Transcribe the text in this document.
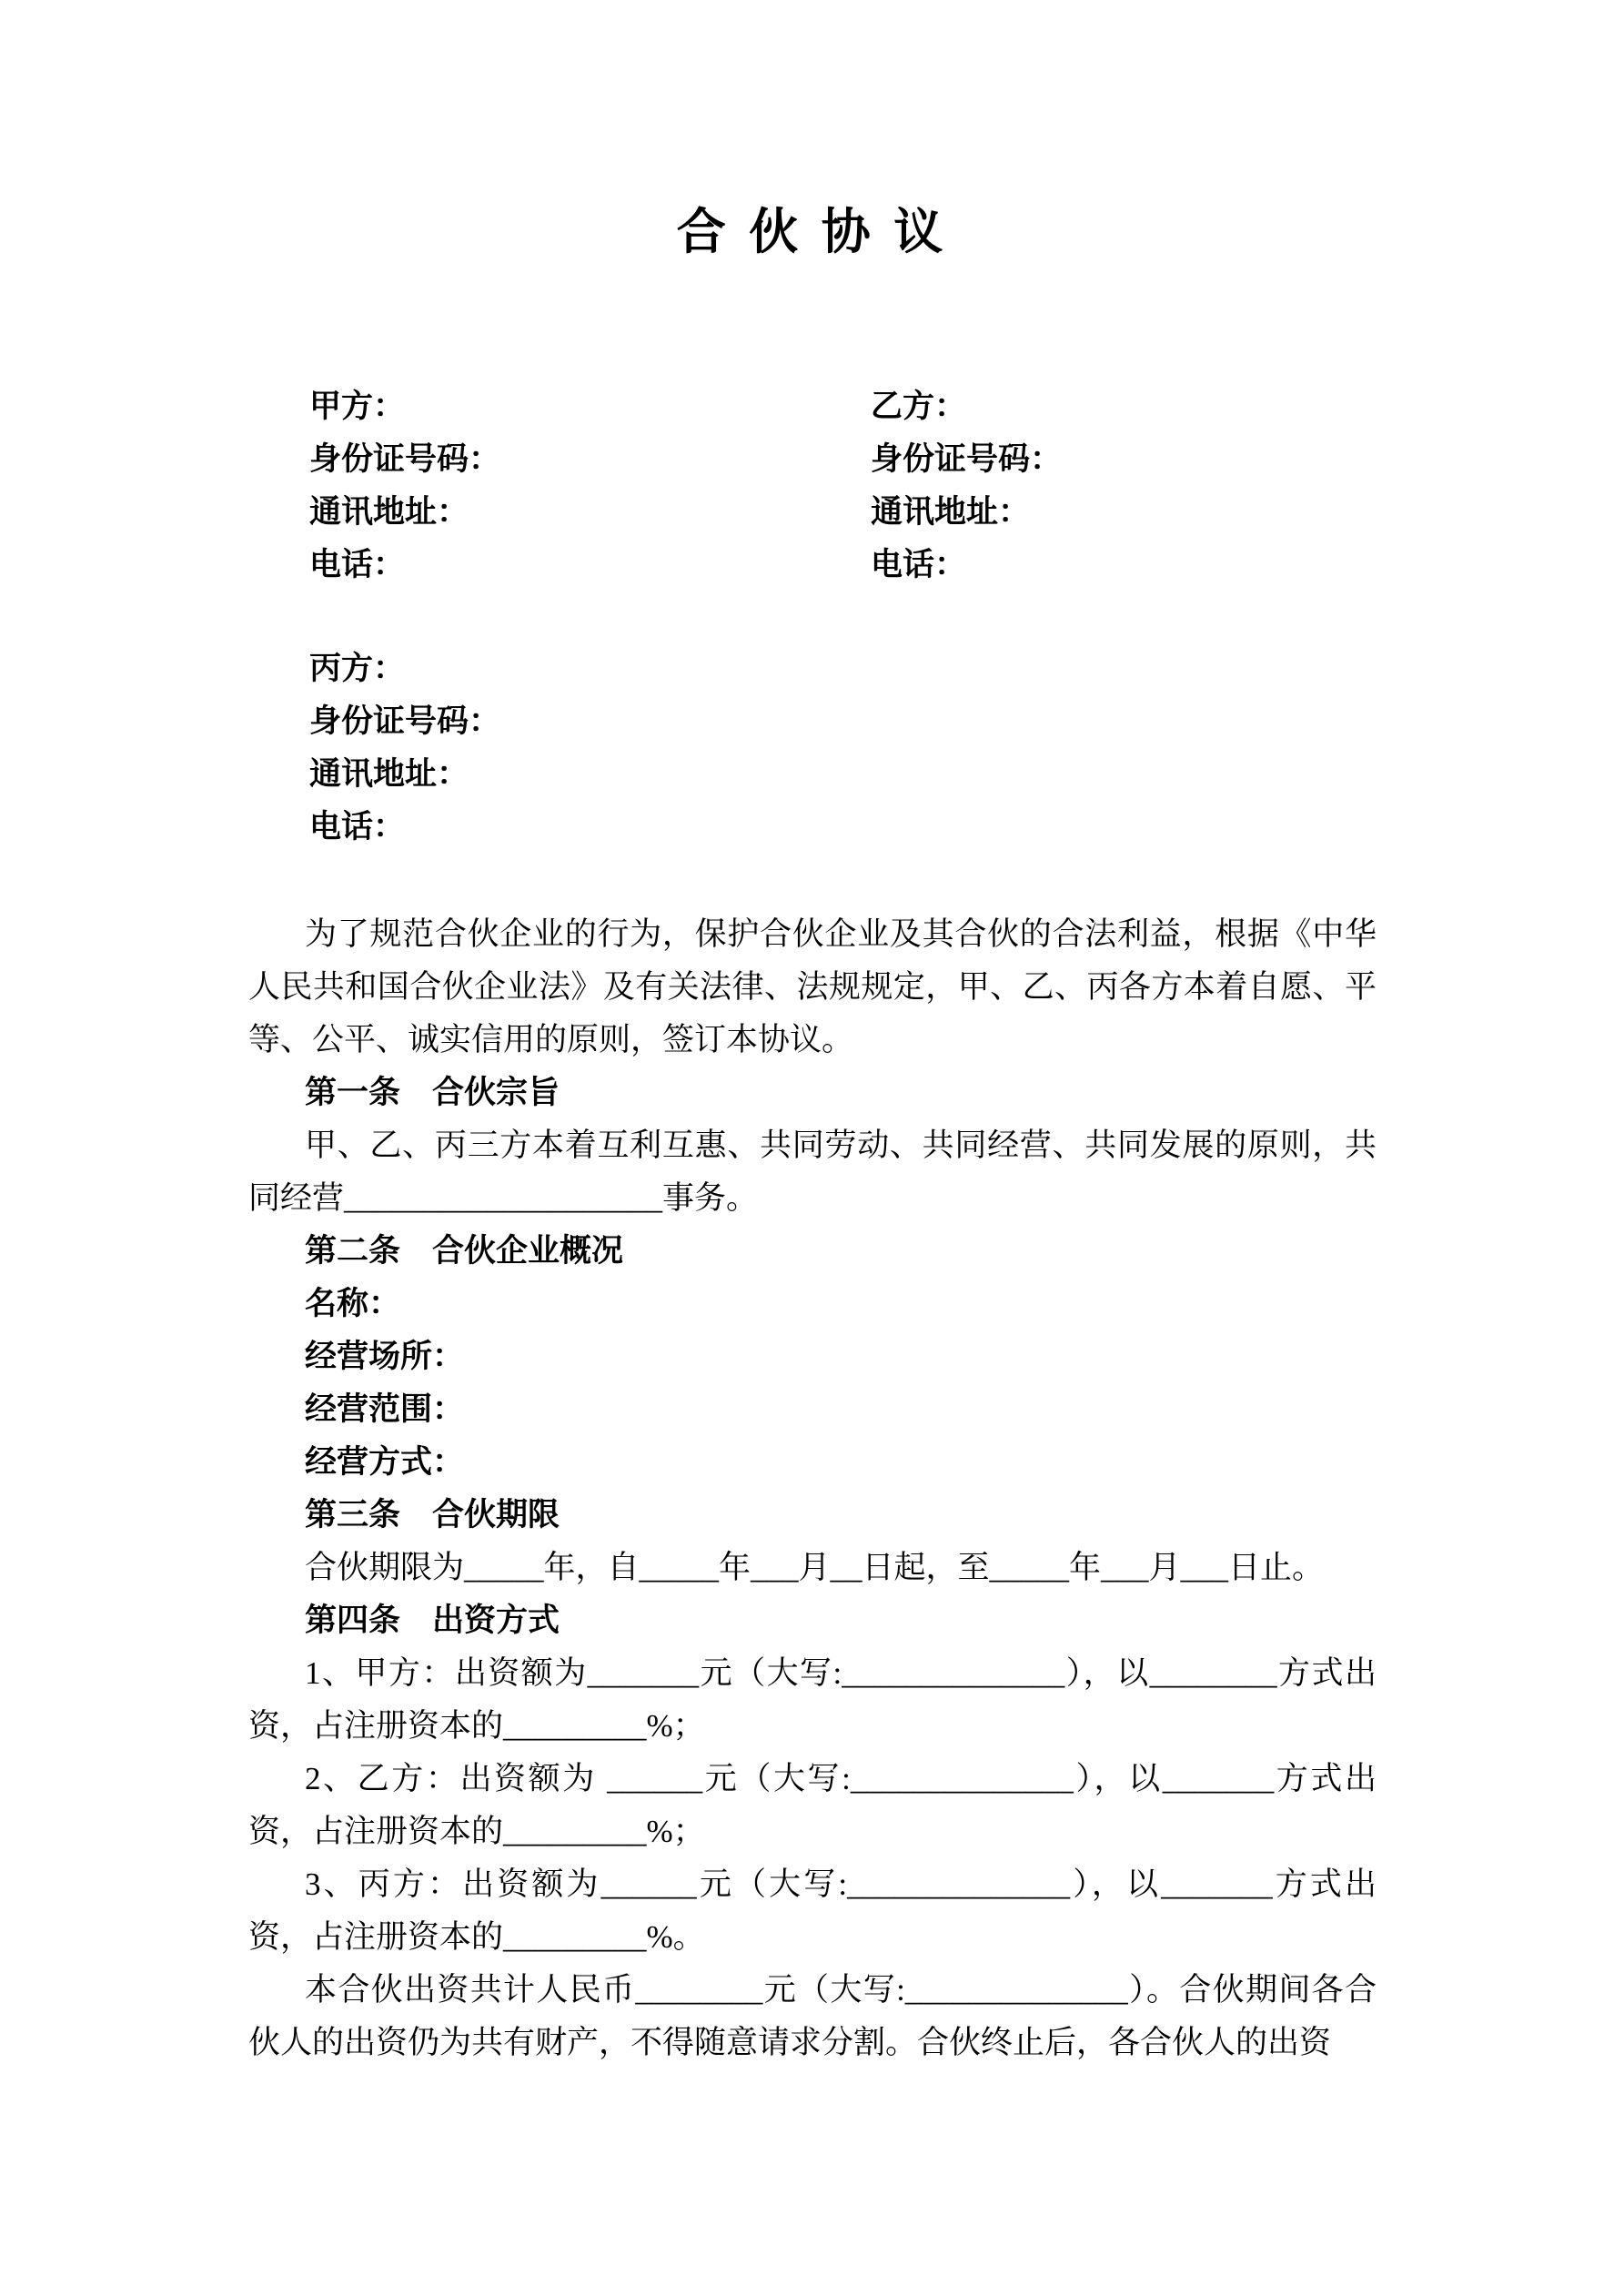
合 伙 协 议
甲方：	乙方：
身份证号码：	身份证号码：
通讯地址：	通讯地址：
电话：	电话：
丙方：
身份证号码：
通讯地址：
电话：

为了规范合伙企业的行为，保护合伙企业及其合伙的合法利益，根据《中华人民共和国合伙企业法》及有关法律、法规规定，甲、乙、丙各方本着自愿、平等、公平、诚实信用的原则，签订本协议。

第一条　合伙宗旨

甲、乙、丙三方本着互利互惠、共同劳动、共同经营、共同发展的原则，共同经营____________________事务。

第二条　合伙企业概况

名称：

经营场所：

经营范围：

经营方式：

第三条　合伙期限

合伙期限为_____年，自_____年___月__日起，至_____年___月___日止。

第四条　出资方式

1、甲方：出资额为_______元（大写:______________），以________方式出资，占注册资本的_________%；

2、乙方：出资额为 ______元（大写:______________），以_______方式出资，占注册资本的_________%；

3、丙方：出资额为______元（大写:______________），以_______方式出资，占注册资本的_________%。

本合伙出资共计人民币________元（大写:______________）。合伙期间各合伙人的出资仍为共有财产，不得随意请求分割。合伙终止后，各合伙人的出资
